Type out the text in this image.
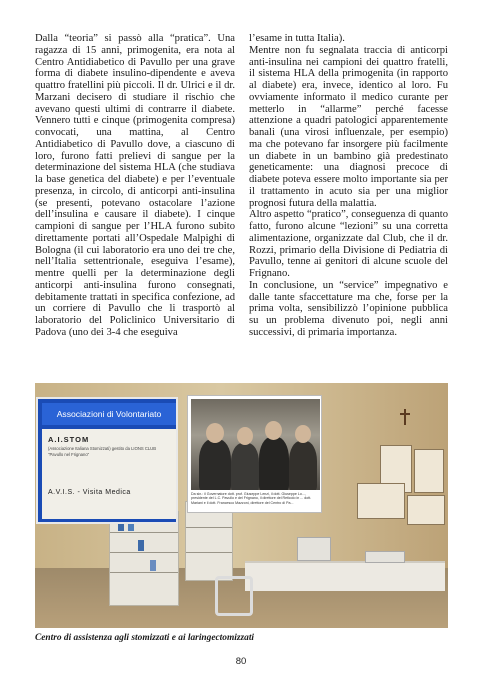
Dalla “teoria” si passò alla “pratica”. Una ragazza di 15 anni, primogenita, era nota al Centro Antidiabetico di Pavullo per una grave forma di diabete insulino-dipendente e aveva quattro fratellini più piccoli. Il dr. Ulrici e il dr. Marzani decisero di studiare il rischio che avevano questi ultimi di contrarre il diabete. Vennero tutti e cinque (primogenita compresa) convocati, una mattina, al Centro Antidiabetico di Pavullo dove, a ciascuno di loro, furono fatti prelievi di sangue per la determinazione del sistema HLA (che studiava la base genetica del diabete) e per l’eventuale presenza, in circolo, di anticorpi anti-insulina (se presenti, potevano ostacolare l’azione dell’insulina e causare il diabete). I cinque campioni di sangue per l’HLA furono subito direttamente portati all’Ospedale Malpighi di Bologna (il cui laboratorio era uno dei tre che, nell’Italia settentrionale, eseguiva l’esame), mentre quelli per la determinazione degli anticorpi anti-insulina furono consegnati, debitamente trattati in specifica confezione, ad un corriere di Pavullo che li trasportò al laboratorio del Policlinico Universitario di Padova (uno dei 3-4 che eseguiva

l’esame in tutta Italia).

Mentre non fu segnalata traccia di anticorpi anti-insulina nei campioni dei quattro fratelli, il sistema HLA della primogenita (in rapporto al diabete) era, invece, identico al loro. Fu ovviamente informato il medico curante per metterlo in “allarme” perché facesse attenzione a quadri patologici apparentemente banali (una virosi influenzale, per esempio) ma che potevano far insorgere più facilmente un diabete in un bambino già predestinato geneticamente: una diagnosi precoce di diabete poteva essere molto importante sia per il trattamento in acuto sia per una miglior prognosi futura della malattia.

Altro aspetto “pratico”, conseguenza di quanto fatto, furono alcune “lezioni” su una corretta alimentazione, organizzate dal Club, che il dr. Rozzi, primario della Divisione di Pediatria di Pavullo, tenne ai genitori di alcune scuole del Frignano.

In conclusione, un “service” impegnativo e dalle tante sfaccettature ma che, forse per la prima volta, sensibilizzò l’opinione pubblica su un problema divenuto poi, negli anni successivi, di primaria importanza.

Associazioni di Volontariato
A.I.STOM
(Associazione Italiana Stomizzati) gestito da LIONS CLUB "Pavullo nel Frignano"
A.V.I.S. - Visita Medica	Da sin.: il Governatore dott. prof. Giuseppe Lenzi, il dott. Giuseppe Lo..., presidente del L.C. Pavullo e del Frignano, il direttore del Reticolo in ... dott. Mariani e il dott. Francesco Mazzoni, direttore del Centro di Pa...
Centro di assistenza agli stomizzati e ai laringectomizzati
80
